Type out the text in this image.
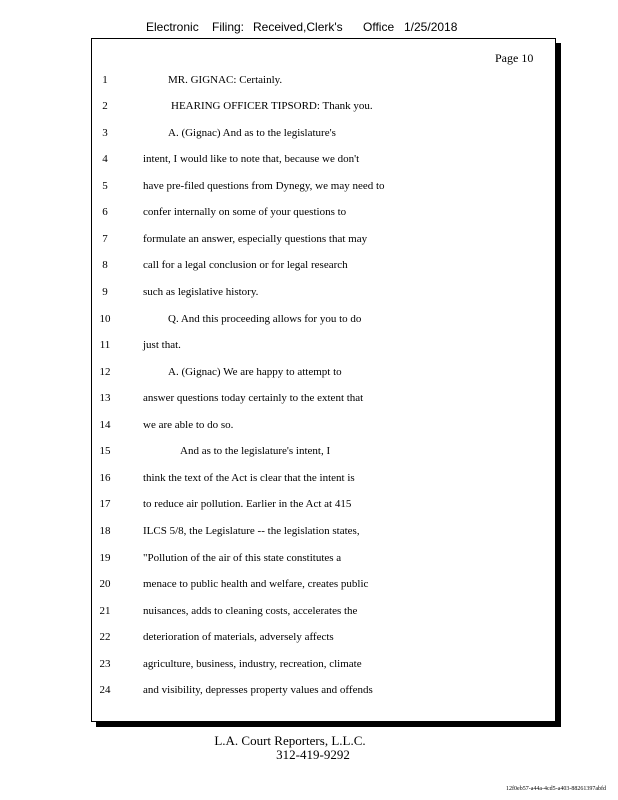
Electronic Filing: Received,Clerk's Office 1/25/2018
Page 10
1	MR. GIGNAC: Certainly.
2	HEARING OFFICER TIPSORD: Thank you.
3	A. (Gignac) And as to the legislature's
4	intent, I would like to note that, because we don't
5	have pre-filed questions from Dynegy, we may need to
6	confer internally on some of your questions to
7	formulate an answer, especially questions that may
8	call for a legal conclusion or for legal research
9	such as legislative history.
10	Q. And this proceeding allows for you to do
11	just that.
12	A. (Gignac) We are happy to attempt to
13	answer questions today certainly to the extent that
14	we are able to do so.
15	And as to the legislature's intent, I
16	think the text of the Act is clear that the intent is
17	to reduce air pollution. Earlier in the Act at 415
18	ILCS 5/8, the Legislature -- the legislation states,
19	"Pollution of the air of this state constitutes a
20	menace to public health and welfare, creates public
21	nuisances, adds to cleaning costs, accelerates the
22	deterioration of materials, adversely affects
23	agriculture, business, industry, recreation, climate
24	and visibility, depresses property values and offends
L.A. Court Reporters, L.L.C.
312-419-9292
12f0eb57-a44a-4cd5-a403-88261397abfd
